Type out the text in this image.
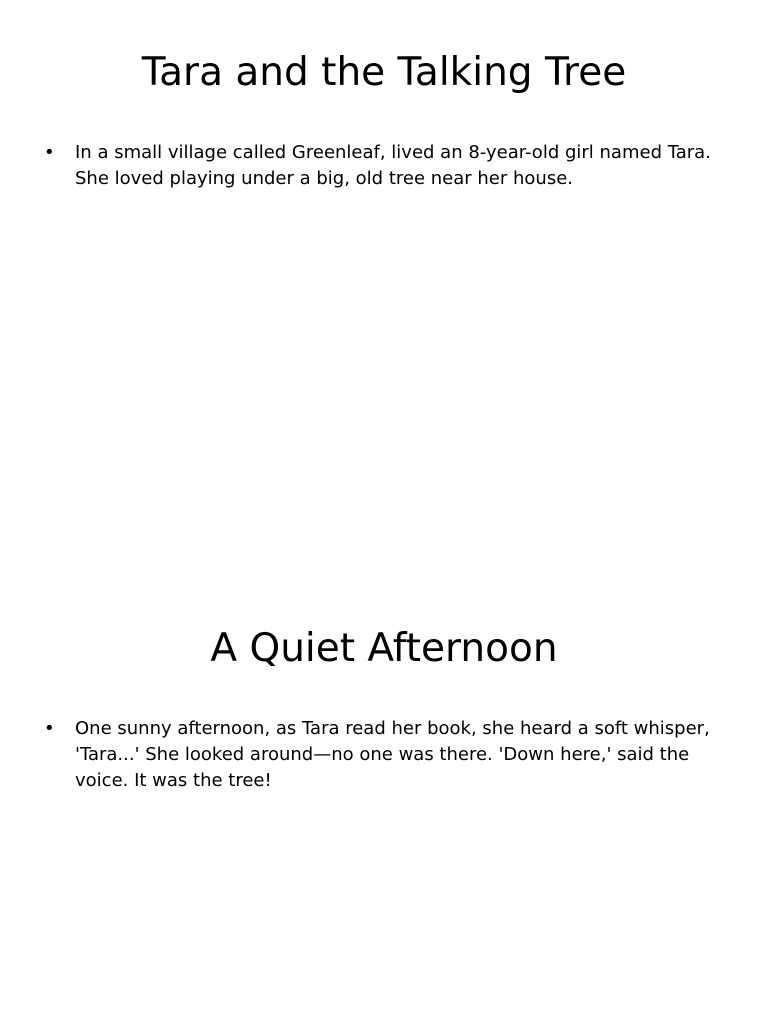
Tara and the Talking Tree
• In a small village called Greenleaf, lived an 8-year-old girl named Tara. She loved playing under a big, old tree near her house.
A Quiet Afternoon
• One sunny afternoon, as Tara read her book, she heard a soft whisper, 'Tara...' She looked around—no one was there. 'Down here,' said the voice. It was the tree!
